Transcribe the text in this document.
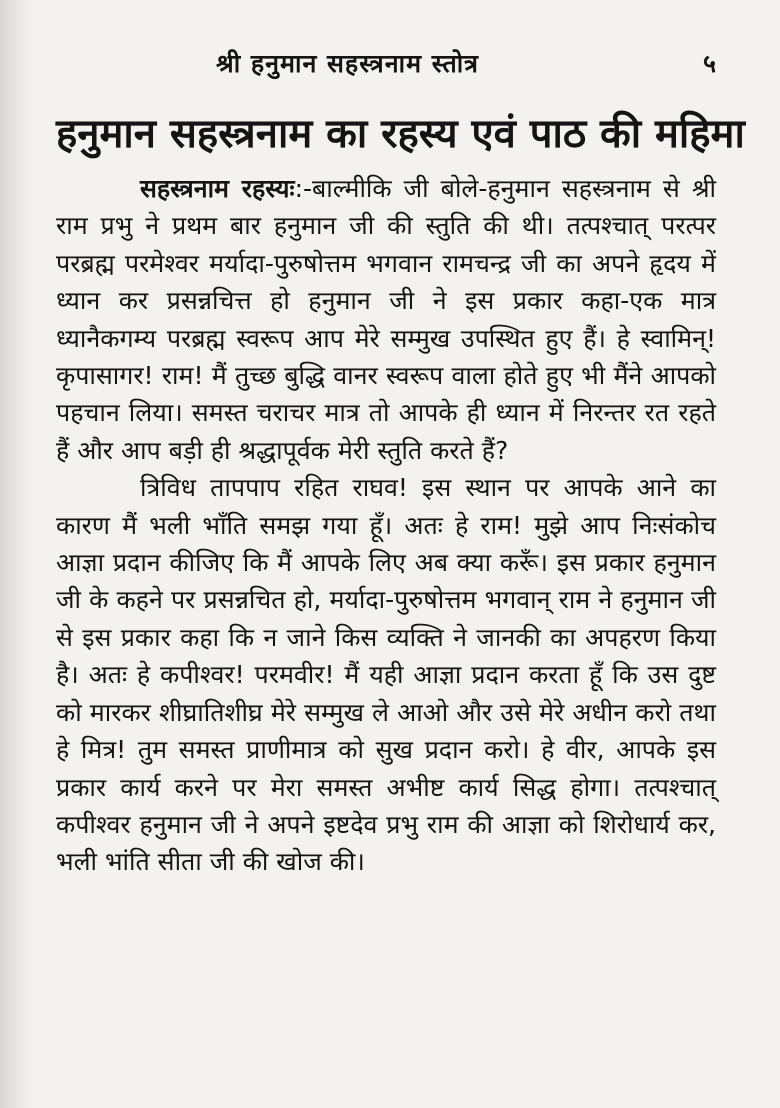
श्री हनुमान सहस्त्रनाम स्तोत्र	५
हनुमान सहस्त्रनाम का रहस्य एवं पाठ की महिमा

सहस्त्रनाम रहस्यः:-बाल्मीकि जी बोले-हनुमान सहस्त्रनाम से श्री राम प्रभु ने प्रथम बार हनुमान जी की स्तुति की थी। तत्पश्चात् परत्पर परब्रह्म परमेश्वर मर्यादा-पुरुषोत्तम भगवान रामचन्द्र जी का अपने हृदय में ध्यान कर प्रसन्नचित्त हो हनुमान जी ने इस प्रकार कहा-एक मात्र ध्यानैकगम्य परब्रह्म स्वरूप आप मेरे सम्मुख उपस्थित हुए हैं। हे स्वामिन्! कृपासागर! राम! मैं तुच्छ बुद्धि वानर स्वरूप वाला होते हुए भी मैंने आपको पहचान लिया। समस्त चराचर मात्र तो आपके ही ध्यान में निरन्तर रत रहते हैं और आप बड़ी ही श्रद्धापूर्वक मेरी स्तुति करते हैं?

त्रिविध तापपाप रहित राघव! इस स्थान पर आपके आने का कारण मैं भली भाँति समझ गया हूँ। अतः हे राम! मुझे आप निःसंकोच आज्ञा प्रदान कीजिए कि मैं आपके लिए अब क्या करूँ। इस प्रकार हनुमान जी के कहने पर प्रसन्नचित हो, मर्यादा-पुरुषोत्तम भगवान् राम ने हनुमान जी से इस प्रकार कहा कि न जाने किस व्यक्ति ने जानकी का अपहरण किया है। अतः हे कपीश्वर! परमवीर! मैं यही आज्ञा प्रदान करता हूँ कि उस दुष्ट को मारकर शीघ्रातिशीघ्र मेरे सम्मुख ले आओ और उसे मेरे अधीन करो तथा हे मित्र! तुम समस्त प्राणीमात्र को सुख प्रदान करो। हे वीर, आपके इस प्रकार कार्य करने पर मेरा समस्त अभीष्ट कार्य सिद्ध होगा। तत्पश्चात् कपीश्वर हनुमान जी ने अपने इष्टदेव प्रभु राम की आज्ञा को शिरोधार्य कर, भली भांति सीता जी की खोज की।
